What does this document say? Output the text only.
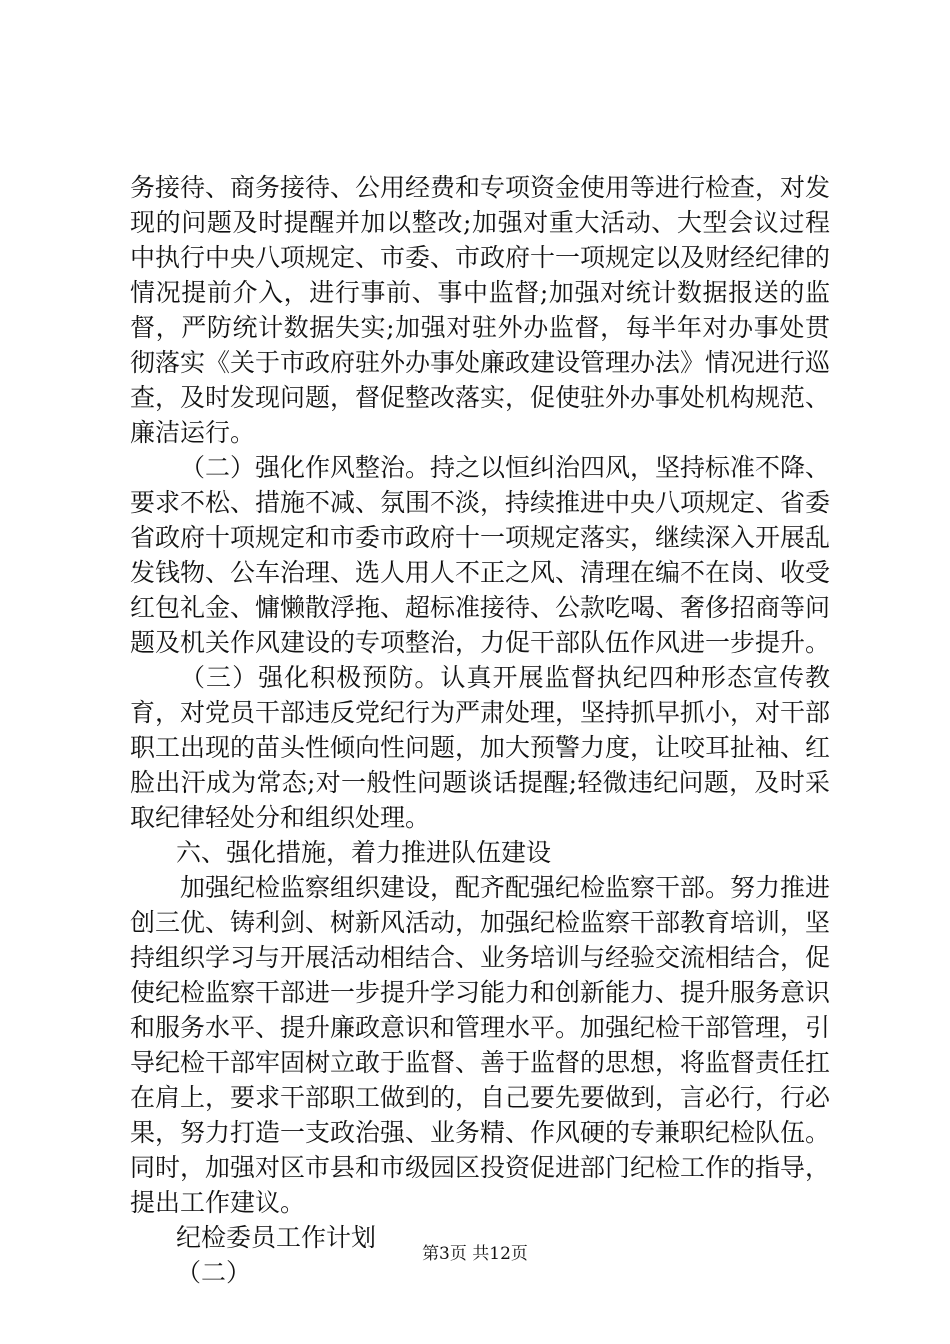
务接待、商务接待、公用经费和专项资金使用等进行检查，对发现的问题及时提醒并加以整改;加强对重大活动、大型会议过程中执行中央八项规定、市委、市政府十一项规定以及财经纪律的情况提前介入，进行事前、事中监督;加强对统计数据报送的监督，严防统计数据失实;加强对驻外办监督，每半年对办事处贯彻落实《关于市政府驻外办事处廉政建设管理办法》情况进行巡查，及时发现问题，督促整改落实，促使驻外办事处机构规范、廉洁运行。

（二）强化作风整治。持之以恒纠治四风，坚持标准不降、要求不松、措施不减、氛围不淡，持续推进中央八项规定、省委省政府十项规定和市委市政府十一项规定落实，继续深入开展乱发钱物、公车治理、选人用人不正之风、清理在编不在岗、收受红包礼金、慵懒散浮拖、超标准接待、公款吃喝、奢侈招商等问题及机关作风建设的专项整治，力促干部队伍作风进一步提升。

（三）强化积极预防。认真开展监督执纪四种形态宣传教育，对党员干部违反党纪行为严肃处理，坚持抓早抓小，对干部职工出现的苗头性倾向性问题，加大预警力度，让咬耳扯袖、红脸出汗成为常态;对一般性问题谈话提醒;轻微违纪问题，及时采取纪律轻处分和组织处理。

六、强化措施，着力推进队伍建设

加强纪检监察组织建设，配齐配强纪检监察干部。努力推进创三优、铸利剑、树新风活动，加强纪检监察干部教育培训，坚持组织学习与开展活动相结合、业务培训与经验交流相结合，促使纪检监察干部进一步提升学习能力和创新能力、提升服务意识和服务水平、提升廉政意识和管理水平。加强纪检干部管理，引导纪检干部牢固树立敢于监督、善于监督的思想，将监督责任扛在肩上，要求干部职工做到的，自己要先要做到，言必行，行必果，努力打造一支政治强、业务精、作风硬的专兼职纪检队伍。同时，加强对区市县和市级园区投资促进部门纪检工作的指导，提出工作建议。

纪检委员工作计划

（二）

第3页 共12页
